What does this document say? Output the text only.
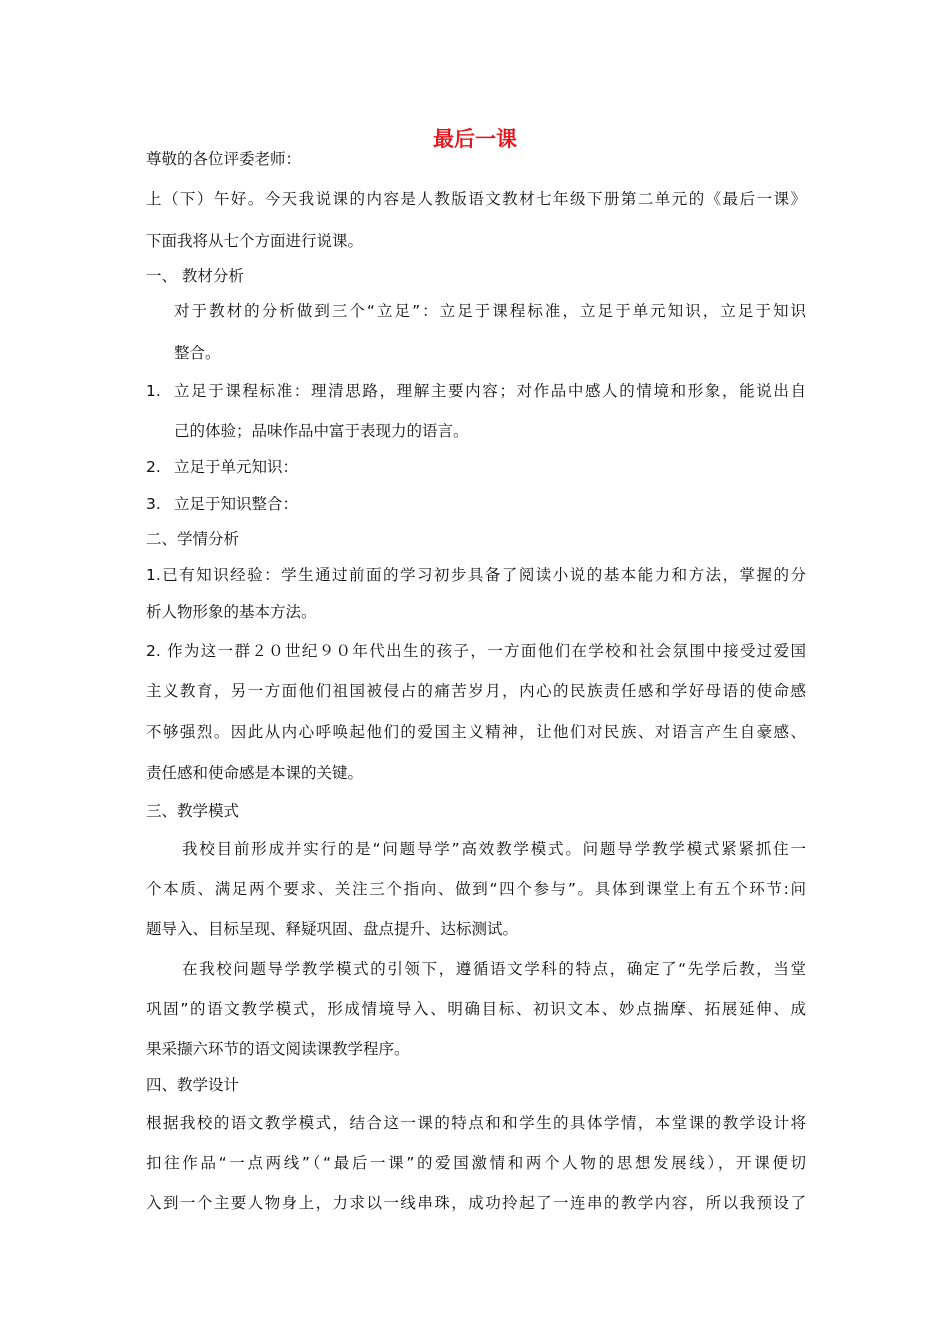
最后一课
尊敬的各位评委老师：
上（下）午好。今天我说课的内容是人教版语文教材七年级下册第二单元的《最后一课》
下面我将从七个方面进行说课。
一、 教材分析
对于教材的分析做到三个“立足”：立足于课程标准，立足于单元知识，立足于知识
整合。
1. 立足于课程标准：理清思路，理解主要内容；对作品中感人的情境和形象，能说出自
己的体验；品味作品中富于表现力的语言。
2. 立足于单元知识：
3. 立足于知识整合：
二、学情分析
1.已有知识经验：学生通过前面的学习初步具备了阅读小说的基本能力和方法，掌握的分
析人物形象的基本方法。
2. 作为这一群２０世纪９０年代出生的孩子，一方面他们在学校和社会氛围中接受过爱国
主义教育，另一方面他们祖国被侵占的痛苦岁月，内心的民族责任感和学好母语的使命感
不够强烈。因此从内心呼唤起他们的爱国主义精神，让他们对民族、对语言产生自豪感、
责任感和使命感是本课的关键。
三、教学模式
我校目前形成并实行的是“问题导学”高效教学模式。问题导学教学模式紧紧抓住一
个本质、满足两个要求、关注三个指向、做到“四个参与”。具体到课堂上有五个环节:问
题导入、目标呈现、释疑巩固、盘点提升、达标测试。
在我校问题导学教学模式的引领下，遵循语文学科的特点，确定了“先学后教，当堂
巩固”的语文教学模式，形成情境导入、明确目标、初识文本、妙点揣摩、拓展延伸、成
果采撷六环节的语文阅读课教学程序。
四、教学设计
根据我校的语文教学模式，结合这一课的特点和和学生的具体学情，本堂课的教学设计将
扣往作品“一点两线”（“最后一课”的爱国激情和两个人物的思想发展线），开课便切
入到一个主要人物身上，力求以一线串珠，成功拎起了一连串的教学内容，所以我预设了
